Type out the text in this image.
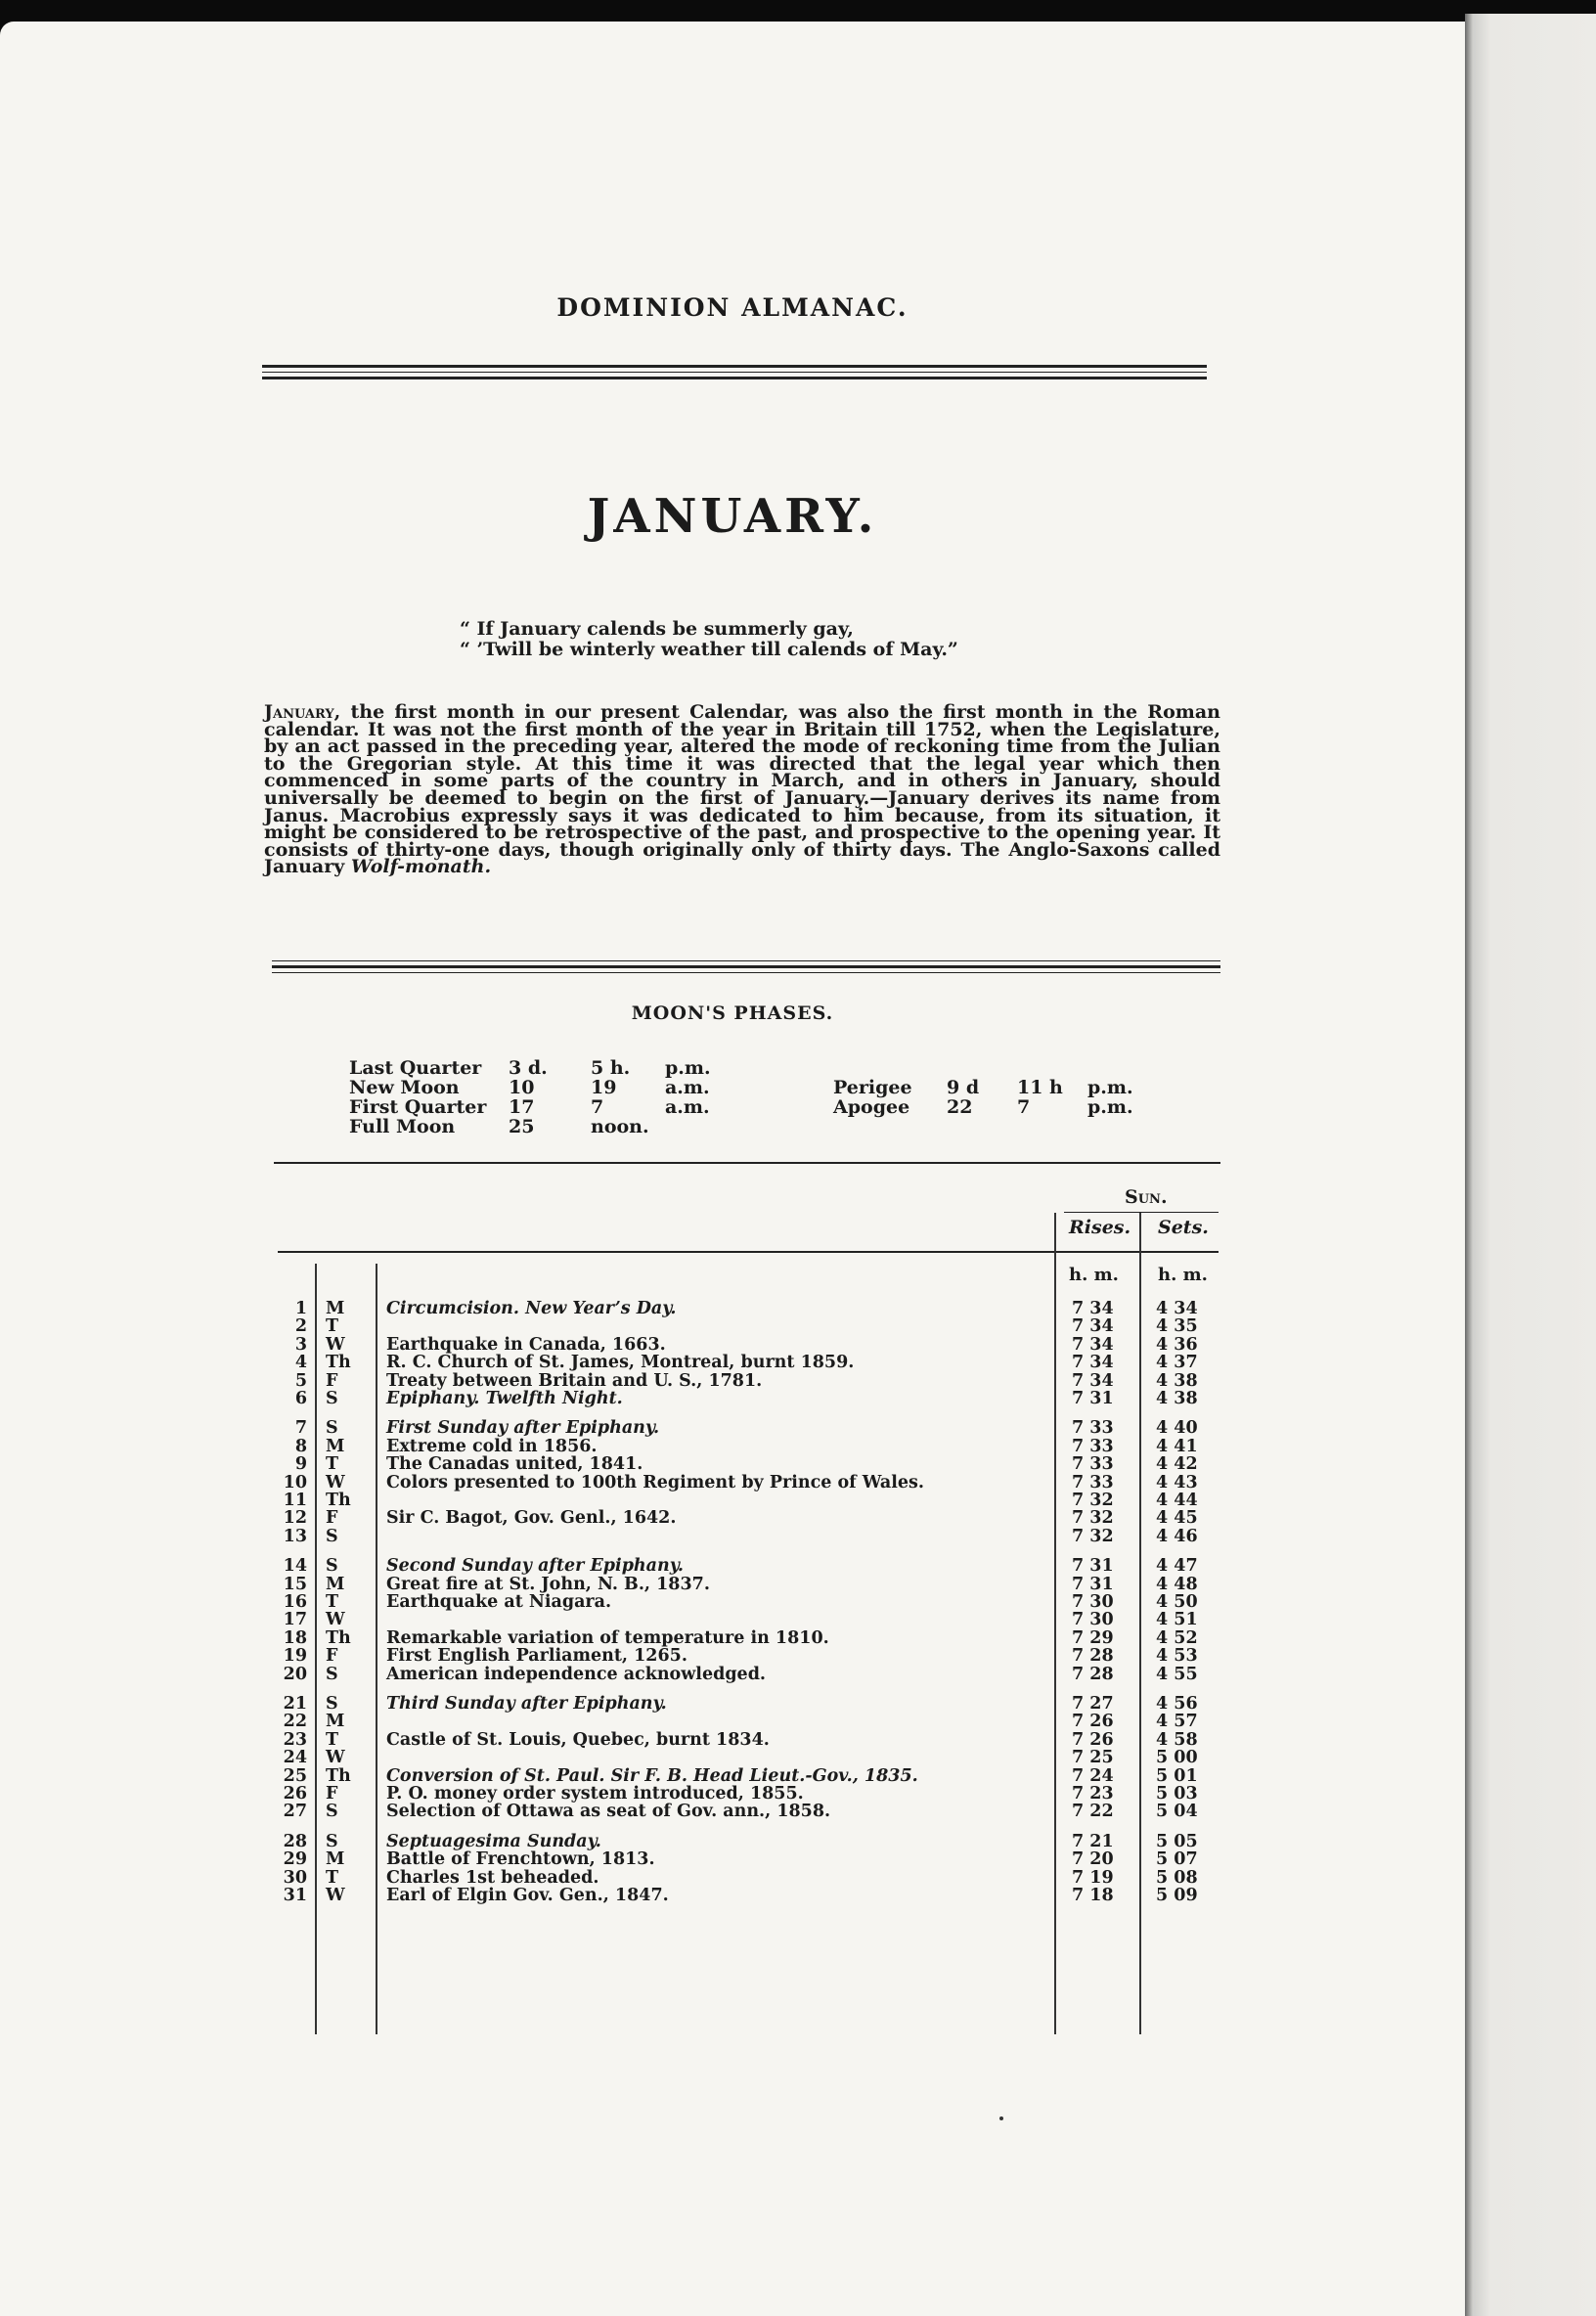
DOMINION ALMANAC.
JANUARY.
“ If January calends be summerly gay,
“ ’Twill be winterly weather till calends of May.”
January, the first month in our present Calendar, was also the first month in the Roman calendar. It was not the first month of the year in Britain till 1752, when the Legislature, by an act passed in the preceding year, altered the mode of reckoning time from the Julian to the Gregorian style. At this time it was directed that the legal year which then commenced in some parts of the country in March, and in others in January, should universally be deemed to begin on the first of January.—January derives its name from Janus. Macrobius expressly says it was dedicated to him because, from its situation, it might be considered to be retrospective of the past, and prospective to the opening year. It consists of thirty-one days, though originally only of thirty days. The Anglo-Saxons called January Wolf-monath.
MOON'S PHASES.
Last Quarter 3 d. 5 h. p.m.
New Moon	10	19	a.m.
First Quarter 17	7	a.m.
Full Moon	25	noon.
Perigee 9 d 11 h p.m.
Apogee 22 7	p.m.
Sun.
Rises. Sets.
h. m. h. m.
1 M Circumcision. New Year’s Day.	7 34 4 34
2 T	7 34 4 35
3 W Earthquake in Canada, 1663.	7 34 4 36
4 Th R. C. Church of St. James, Montreal, burnt 1859.	7 34 4 37
5 F	Treaty between Britain and U. S., 1781.	7 34 4 38
6 S	Epiphany. Twelfth Night.	7 31 4 38
7 S	First Sunday after Epiphany.	7 33 4 40
8 M Extreme cold in 1856.	7 33 4 41
9 T	The Canadas united, 1841.	7 33 4 42
10 W Colors presented to 100th Regiment by Prince of Wales.	7 33 4 43
11 Th	7 32 4 44
12 F	Sir C. Bagot, Gov. Genl., 1642.	7 32 4 45
13 S	7 32 4 46
14 S	Second Sunday after Epiphany.	7 31 4 47
15 M Great fire at St. John, N. B., 1837.	7 31 4 48
16 T	Earthquake at Niagara.	7 30 4 50
17 W	7 30 4 51
18 Th Remarkable variation of temperature in 1810.	7 29 4 52
19 F	First English Parliament, 1265.	7 28 4 53
20 S	American independence acknowledged.	7 28 4 55
21 S	Third Sunday after Epiphany.	7 27 4 56
22 M	7 26 4 57
23 T	Castle of St. Louis, Quebec, burnt 1834.	7 26 4 58
24 W	7 25 5 00
25 Th Conversion of St. Paul. Sir F. B. Head Lieut.-Gov., 1835.	7 24 5 01
26 F	P. O. money order system introduced, 1855.	7 23 5 03
27 S	Selection of Ottawa as seat of Gov. ann., 1858.	7 22 5 04
28 S	Septuagesima Sunday.	7 21 5 05
29 M Battle of Frenchtown, 1813.	7 20 5 07
30 T	Charles 1st beheaded.	7 19 5 08
31 W Earl of Elgin Gov. Gen., 1847.	7 18 5 09
